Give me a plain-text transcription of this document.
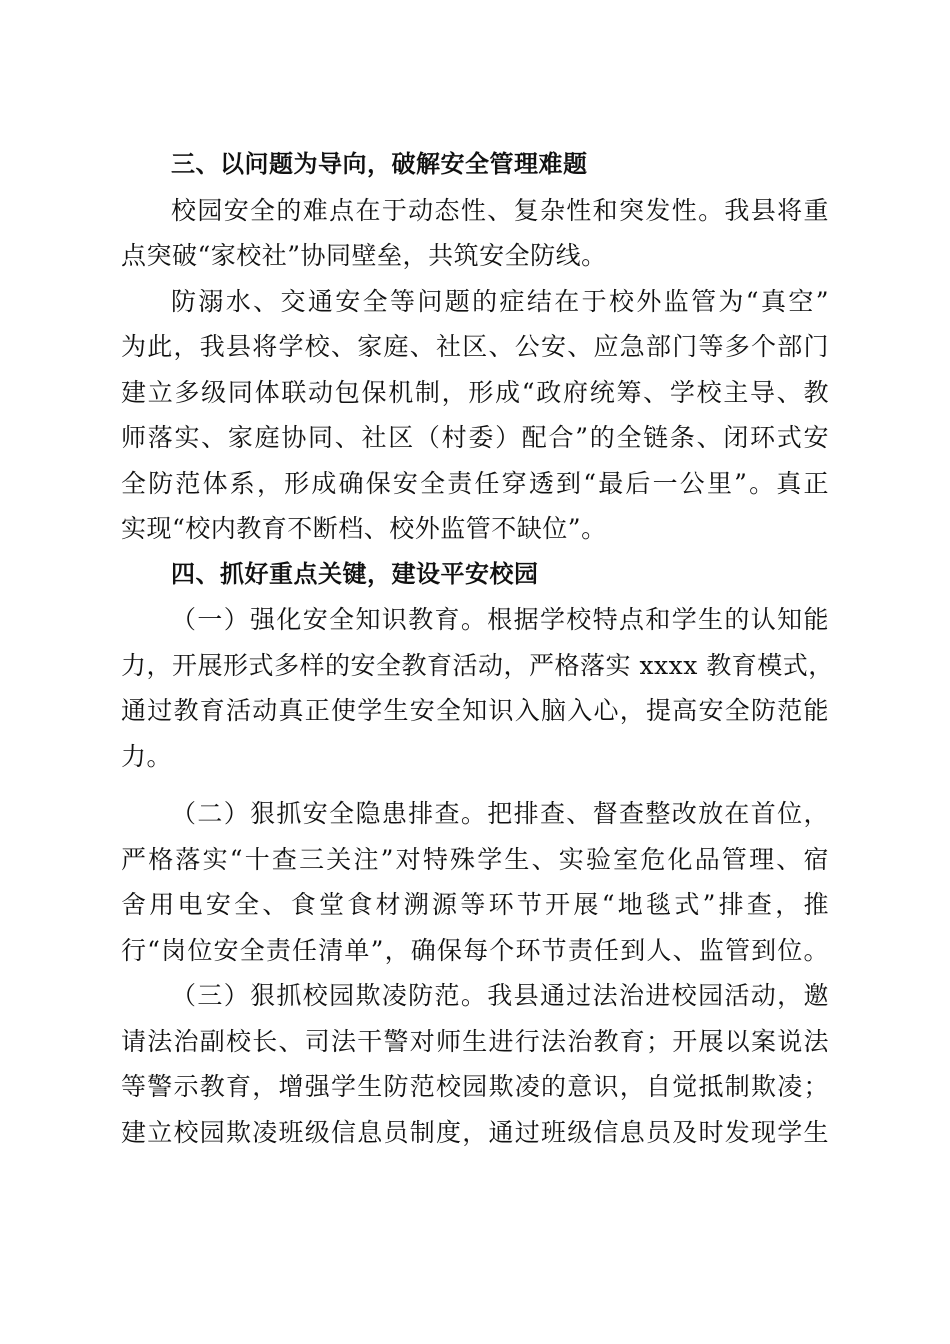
三、以问题为导向，破解安全管理难题
校园安全的难点在于动态性、复杂性和突发性。我县将重
点突破“家校社”协同壁垒，共筑安全防线。
防溺水、交通安全等问题的症结在于校外监管为“真空”
为此，我县将学校、家庭、社区、公安、应急部门等多个部门
建立多级同体联动包保机制，形成“政府统筹、学校主导、教
师落实、家庭协同、社区（村委）配合”的全链条、闭环式安
全防范体系，形成确保安全责任穿透到“最后一公里”。真正
实现“校内教育不断档、校外监管不缺位”。
四、抓好重点关键，建设平安校园
（一）强化安全知识教育。根据学校特点和学生的认知能
力，开展形式多样的安全教育活动，严格落实 xxxx 教育模式，
通过教育活动真正使学生安全知识入脑入心，提高安全防范能
力。
（二）狠抓安全隐患排查。把排查、督查整改放在首位，
严格落实“十查三关注”对特殊学生、实验室危化品管理、宿
舍用电安全、食堂食材溯源等环节开展“地毯式”排查，推
行“岗位安全责任清单”，确保每个环节责任到人、监管到位。
（三）狠抓校园欺凌防范。我县通过法治进校园活动，邀
请法治副校长、司法干警对师生进行法治教育；开展以案说法
等警示教育，增强学生防范校园欺凌的意识，自觉抵制欺凌；
建立校园欺凌班级信息员制度，通过班级信息员及时发现学生
